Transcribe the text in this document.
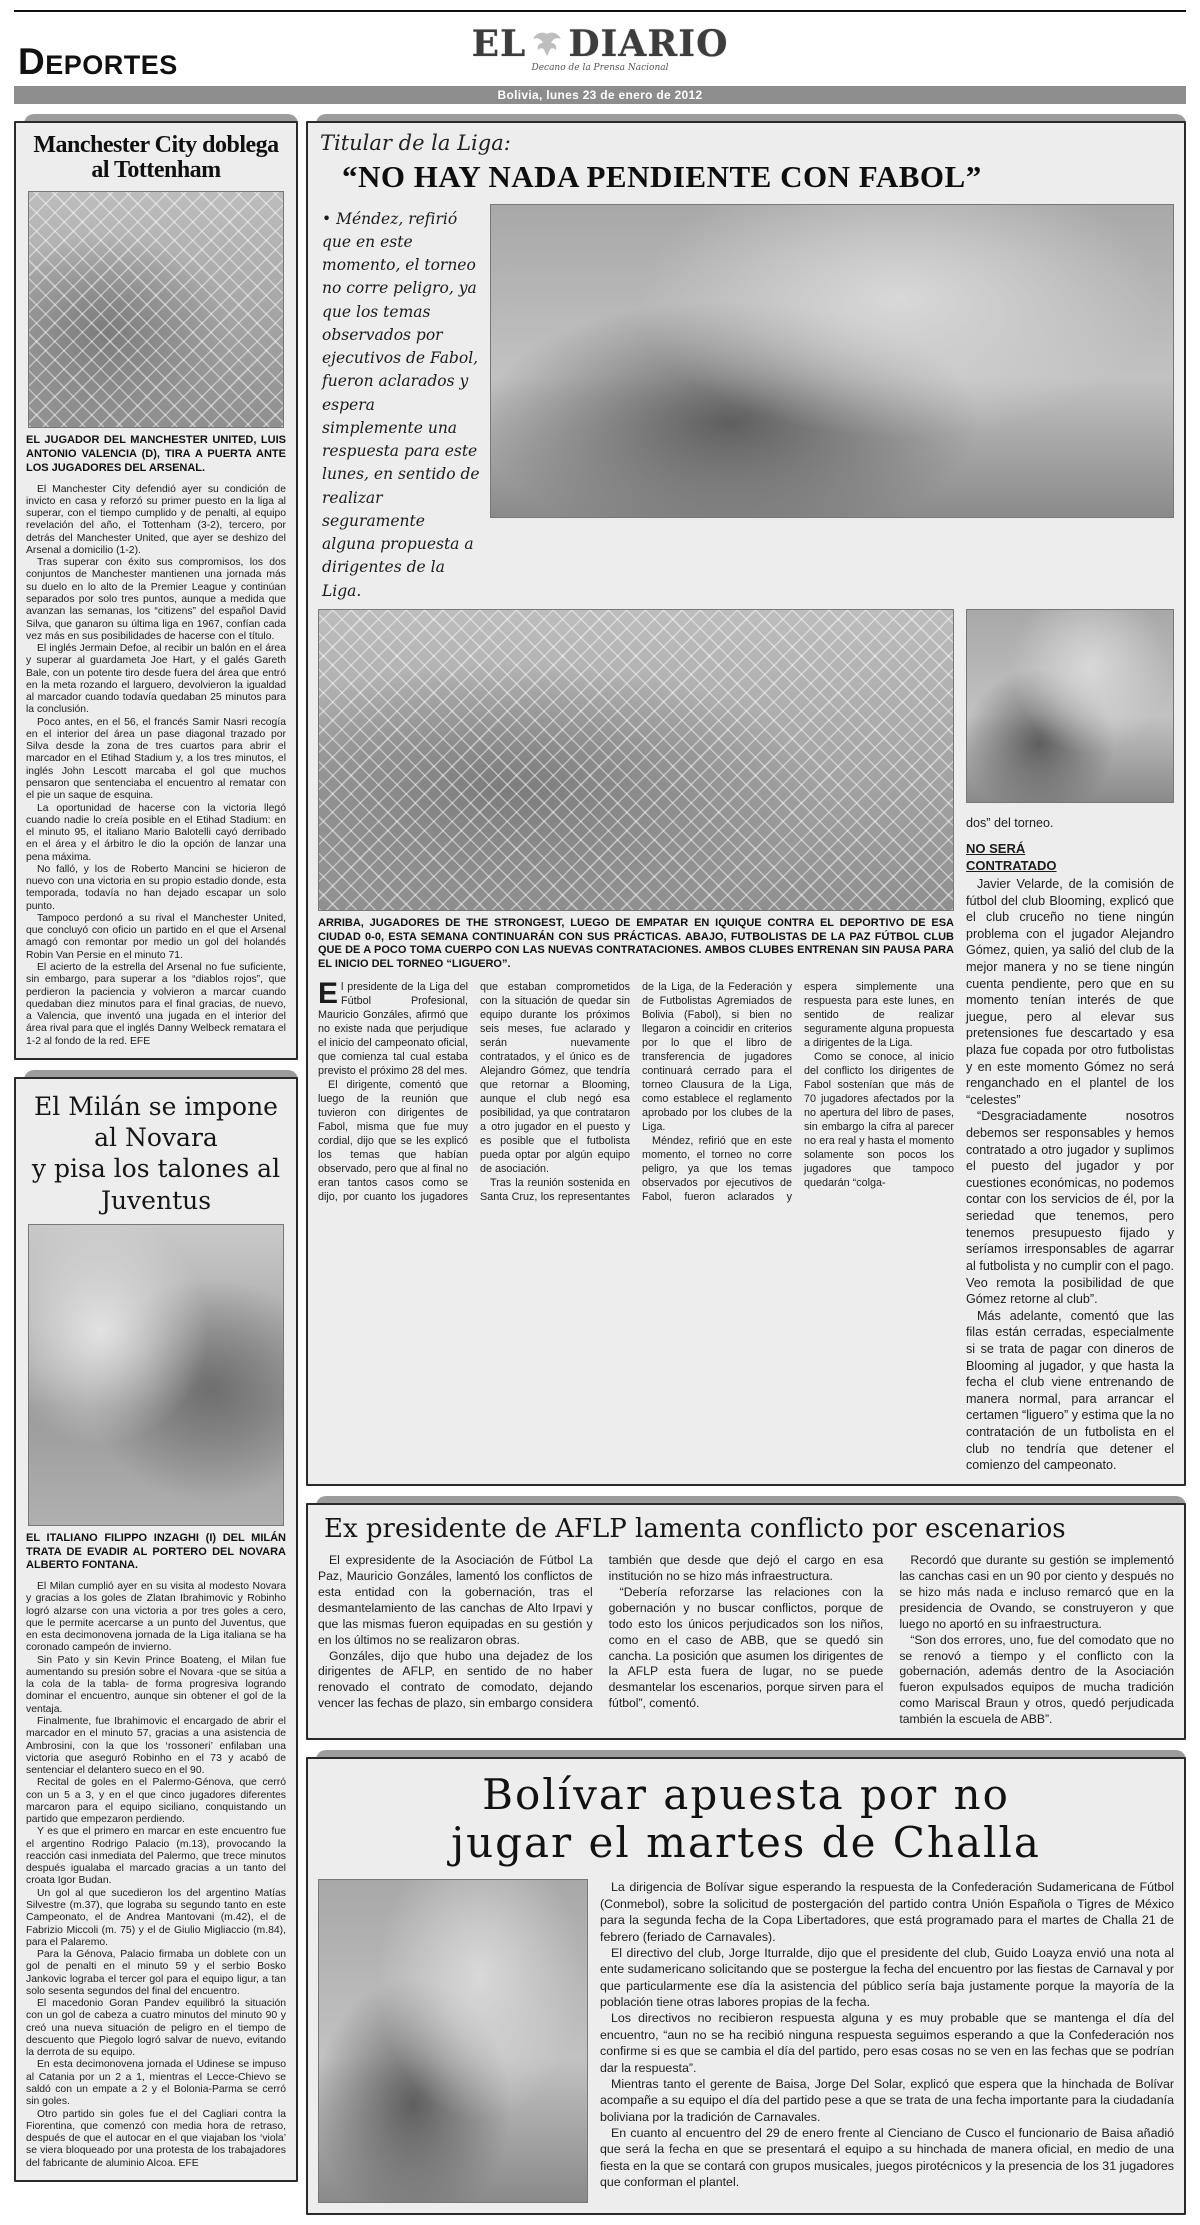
DEPORTES	EL DIARIO
Decano de la Prensa Nacional
Bolivia, lunes 23 de enero de 2012
Manchester City doblega al Tottenham
EL JUGADOR DEL MANCHESTER UNITED, LUIS ANTONIO VALENCIA (D), TIRA A PUERTA ANTE LOS JUGADORES DEL ARSENAL.

El Manchester City defendió ayer su condición de invicto en casa y reforzó su primer puesto en la liga al superar, con el tiempo cumplido y de penalti, al equipo revelación del año, el Tottenham (3-2), tercero, por detrás del Manchester United, que ayer se deshizo del Arsenal a domicilio (1-2).

Tras superar con éxito sus compromisos, los dos conjuntos de Manchester mantienen una jornada más su duelo en lo alto de la Premier League y continúan separados por solo tres puntos, aunque a medida que avanzan las semanas, los “citizens” del español David Silva, que ganaron su última liga en 1967, confían cada vez más en sus posibilidades de hacerse con el título.

El inglés Jermain Defoe, al recibir un balón en el área y superar al guardameta Joe Hart, y el galés Gareth Bale, con un potente tiro desde fuera del área que entró en la meta rozando el larguero, devolvieron la igualdad al marcador cuando todavía quedaban 25 minutos para la conclusión.

Poco antes, en el 56, el francés Samir Nasri recogía en el interior del área un pase diagonal trazado por Silva desde la zona de tres cuartos para abrir el marcador en el Etihad Stadium y, a los tres minutos, el inglés John Lescott marcaba el gol que muchos pensaron que sentenciaba el encuentro al rematar con el pie un saque de esquina.

La oportunidad de hacerse con la victoria llegó cuando nadie lo creía posible en el Etihad Stadium: en el minuto 95, el italiano Mario Balotelli cayó derribado en el área y el árbitro le dio la opción de lanzar una pena máxima.

No falló, y los de Roberto Mancini se hicieron de nuevo con una victoria en su propio estadio donde, esta temporada, todavía no han dejado escapar un solo punto.

Tampoco perdonó a su rival el Manchester United, que concluyó con oficio un partido en el que el Arsenal amagó con remontar por medio un gol del holandés Robin Van Persie en el minuto 71.

El acierto de la estrella del Arsenal no fue suficiente, sin embargo, para superar a los “diablos rojos”, que perdieron la paciencia y volvieron a marcar cuando quedaban diez minutos para el final gracias, de nuevo, a Valencia, que inventó una jugada en el interior del área rival para que el inglés Danny Welbeck rematara el 1-2 al fondo de la red. EFE

El Milán se impone al Novara
y pisa los talones al Juventus
EL ITALIANO FILIPPO INZAGHI (I) DEL MILÁN TRATA DE EVADIR AL PORTERO DEL NOVARA ALBERTO FONTANA.

El Milan cumplió ayer en su visita al modesto Novara y gracias a los goles de Zlatan Ibrahimovic y Robinho logró alzarse con una victoria a por tres goles a cero, que le permite acercarse a un punto del Juventus, que en esta decimonovena jornada de la Liga italiana se ha coronado campeón de invierno.

Sin Pato y sin Kevin Prince Boateng, el Milan fue aumentando su presión sobre el Novara -que se sitúa a la cola de la tabla- de forma progresiva logrando dominar el encuentro, aunque sin obtener el gol de la ventaja.

Finalmente, fue Ibrahimovic el encargado de abrir el marcador en el minuto 57, gracias a una asistencia de Ambrosini, con la que los ‘rossoneri’ enfilaban una victoria que aseguró Robinho en el 73 y acabó de sentenciar el delantero sueco en el 90.

Recital de goles en el Palermo-Génova, que cerró con un 5 a 3, y en el que cinco jugadores diferentes marcaron para el equipo siciliano, conquistando un partido que empezaron perdiendo.

Y es que el primero en marcar en este encuentro fue el argentino Rodrigo Palacio (m.13), provocando la reacción casi inmediata del Palermo, que trece minutos después igualaba el marcado gracias a un tanto del croata Igor Budan.

Un gol al que sucedieron los del argentino Matías Silvestre (m.37), que lograba su segundo tanto en este Campeonato, el de Andrea Mantovani (m.42), el de Fabrizio Miccoli (m. 75) y el de Giulio Migliaccio (m.84), para el Palaremo.

Para la Génova, Palacio firmaba un doblete con un gol de penalti en el minuto 59 y el serbio Bosko Jankovic lograba el tercer gol para el equipo ligur, a tan solo sesenta segundos del final del encuentro.

El macedonio Goran Pandev equilibró la situación con un gol de cabeza a cuatro minutos del minuto 90 y creó una nueva situación de peligro en el tiempo de descuento que Piegolo logró salvar de nuevo, evitando la derrota de su equipo.

En esta decimonovena jornada el Udinese se impuso al Catania por un 2 a 1, mientras el Lecce-Chievo se saldó con un empate a 2 y el Bolonia-Parma se cerró sin goles.

Otro partido sin goles fue el del Cagliari contra la Fiorentina, que comenzó con media hora de retraso, después de que el autocar en el que viajaban los ‘viola’ se viera bloqueado por una protesta de los trabajadores del fabricante de aluminio Alcoa. EFE

Titular de la Liga:
“NO HAY NADA PENDIENTE CON FABOL”
• Méndez, refirió que en este momento, el torneo no corre peligro, ya que los temas observados por ejecutivos de Fabol, fueron aclarados y espera simplemente una respuesta para este lunes, en sentido de realizar seguramente alguna propuesta a dirigentes de la Liga.
ARRIBA, JUGADORES DE THE STRONGEST, LUEGO DE EMPATAR EN IQUIQUE CONTRA EL DEPORTIVO DE ESA CIUDAD 0-0, ESTA SEMANA CONTINUARÁN CON SUS PRÁCTICAS. ABAJO, FUTBOLISTAS DE LA PAZ FÚTBOL CLUB QUE DE A POCO TOMA CUERPO CON LAS NUEVAS CONTRATACIONES. AMBOS CLUBES ENTRENAN SIN PAUSA PARA EL INICIO DEL TORNEO “LIGUERO”.

El presidente de la Liga del Fútbol Profesional, Mauricio Gonzáles, afirmó que no existe nada que perjudique el inicio del campeonato oficial, que comienza tal cual estaba previsto el próximo 28 del mes.

El dirigente, comentó que luego de la reunión que tuvieron con dirigentes de Fabol, misma que fue muy cordial, dijo que se les explicó los temas que habían observado, pero que al final no eran tantos casos como se dijo, por cuanto los jugadores que estaban comprometidos con la situación de quedar sin equipo durante los próximos seis meses, fue aclarado y serán nuevamente contratados, y el único es de Alejandro Gómez, que tendría que retornar a Blooming, aunque el club negó esa posibilidad, ya que contrataron a otro jugador en el puesto y es posible que el futbolista pueda optar por algún equipo de asociación.

Tras la reunión sostenida en Santa Cruz, los representantes de la Liga, de la Federación y de Futbolistas Agremiados de Bolivia (Fabol), si bien no llegaron a coincidir en criterios por lo que el libro de transferencia de jugadores continuará cerrado para el torneo Clausura de la Liga, como establece el reglamento aprobado por los clubes de la Liga.

Méndez, refirió que en este momento, el torneo no corre peligro, ya que los temas observados por ejecutivos de Fabol, fueron aclarados y espera simplemente una respuesta para este lunes, en sentido de realizar seguramente alguna propuesta a dirigentes de la Liga.

Como se conoce, al inicio del conflicto los dirigentes de Fabol sostenían que más de 70 jugadores afectados por la no apertura del libro de pases, sin embargo la cifra al parecer no era real y hasta el momento solamente son pocos los jugadores que tampoco quedarán “colga-

dos” del torneo.

NO SERÁ
CONTRATADO

Javier Velarde, de la comisión de fútbol del club Blooming, explicó que el club cruceño no tiene ningún problema con el jugador Alejandro Gómez, quien, ya salió del club de la mejor manera y no se tiene ningún cuenta pendiente, pero que en su momento tenían interés de que juegue, pero al elevar sus pretensiones fue descartado y esa plaza fue copada por otro futbolistas y en este momento Gómez no será renganchado en el plantel de los “celestes”

“Desgraciadamente nosotros debemos ser responsables y hemos contratado a otro jugador y suplimos el puesto del jugador y por cuestiones económicas, no podemos contar con los servicios de él, por la seriedad que tenemos, pero tenemos presupuesto fijado y seríamos irresponsables de agarrar al futbolista y no cumplir con el pago. Veo remota la posibilidad de que Gómez retorne al club”.

Más adelante, comentó que las filas están cerradas, especialmente si se trata de pagar con dineros de Blooming al jugador, y que hasta la fecha el club viene entrenando de manera normal, para arrancar el certamen “liguero” y estima que la no contratación de un futbolista en el club no tendría que detener el comienzo del campeonato.

Ex presidente de AFLP lamenta conflicto por escenarios

El expresidente de la Asociación de Fútbol La Paz, Mauricio Gonzáles, lamentó los conflictos de esta entidad con la gobernación, tras el desmantelamiento de las canchas de Alto Irpavi y que las mismas fueron equipadas en su gestión y en los últimos no se realizaron obras.

Gonzáles, dijo que hubo una dejadez de los dirigentes de AFLP, en sentido de no haber renovado el contrato de comodato, dejando vencer las fechas de plazo, sin embargo considera también que desde que dejó el cargo en esa institución no se hizo más infraestructura.

“Debería reforzarse las relaciones con la gobernación y no buscar conflictos, porque de todo esto los únicos perjudicados son los niños, como en el caso de ABB, que se quedó sin cancha. La posición que asumen los dirigentes de la AFLP esta fuera de lugar, no se puede desmantelar los escenarios, porque sirven para el fútbol”, comentó.

Recordó que durante su gestión se implementó las canchas casi en un 90 por ciento y después no se hizo más nada e incluso remarcó que en la presidencia de Ovando, se construyeron y que luego no aportó en su infraestructura.

“Son dos errores, uno, fue del comodato que no se renovó a tiempo y el conflicto con la gobernación, además dentro de la Asociación fueron expulsados equipos de mucha tradición como Mariscal Braun y otros, quedó perjudicada también la escuela de ABB”.

Bolívar apuesta por no
jugar el martes de Challa

La dirigencia de Bolívar sigue esperando la respuesta de la Confederación Sudamericana de Fútbol (Conmebol), sobre la solicitud de postergación del partido contra Unión Española o Tigres de México para la segunda fecha de la Copa Libertadores, que está programado para el martes de Challa 21 de febrero (feriado de Carnavales).

El directivo del club, Jorge Iturralde, dijo que el presidente del club, Guido Loayza envió una nota al ente sudamericano solicitando que se postergue la fecha del encuentro por las fiestas de Carnaval y por que particularmente ese día la asistencia del público sería baja justamente porque la mayoría de la población tiene otras labores propias de la fecha.

Los directivos no recibieron respuesta alguna y es muy probable que se mantenga el día del encuentro, “aun no se ha recibió ninguna respuesta seguimos esperando a que la Confederación nos confirme si es que se cambia el día del partido, pero esas cosas no se ven en las fechas que se podrían dar la respuesta”.

Mientras tanto el gerente de Baisa, Jorge Del Solar, explicó que espera que la hinchada de Bolívar acompañe a su equipo el día del partido pese a que se trata de una fecha importante para la ciudadanía boliviana por la tradición de Carnavales.

En cuanto al encuentro del 29 de enero frente al Cienciano de Cusco el funcionario de Baisa añadió que será la fecha en que se presentará el equipo a su hinchada de manera oficial, en medio de una fiesta en la que se contará con grupos musicales, juegos pirotécnicos y la presencia de los 31 jugadores que conforman el plantel.
